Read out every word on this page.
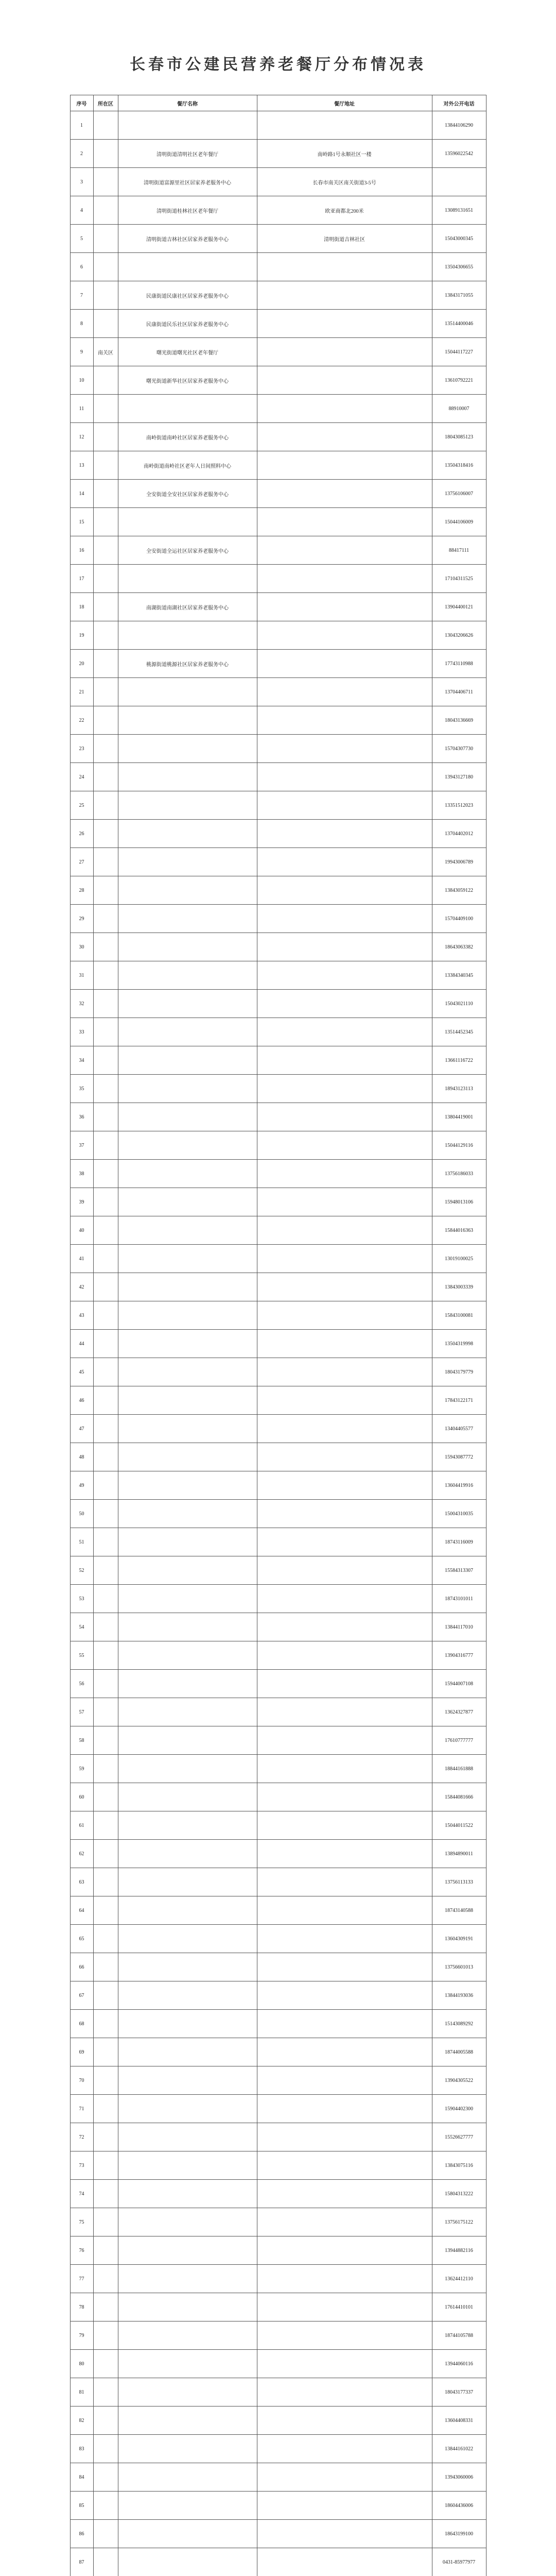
长春市公建民营养老餐厅分布情况表
序号	所在区	餐厅名称	餐厅地址	对外公开电话
1				13844106290
2		清明街道清明社区老年餐厅	南岭路1号永顺社区一楼	13596022542
3		清明街道富源里社区居家养老服务中心	长春市南关区南关街道3-5号	
4		清明街道桂林社区老年餐厅	欧亚商都北200米	13089131651
5		清明街道吉林社区居家养老服务中心	清明街道吉林社区	15043000345
6				13504306655
7		民康街道民康社区居家养老服务中心		13843171055
8		民康街道民乐社区居家养老服务中心		13514400046
9	南关区	曙光街道曙光社区老年餐厅		15044117227
10		曙光街道新华社区居家养老服务中心		13610792221
11				88910007
12		南岭街道南岭社区居家养老服务中心		18043085123
13		南岭街道南岭社区老年人日间照料中心		13504318416
14		全安街道全安社区居家养老服务中心		13756106007
15				15044106009
16		全安街道全运社区居家养老服务中心		88417111
17				17104311525
18		南湖街道南湖社区居家养老服务中心		13904400121
19				13043206626
20		桃源街道桃源社区居家养老服务中心		17743110988
21				13704406711
22				18043136669
23				15704307730
24				13943127180
25				13351512023
26				13704402012
27				19943006789
28				13843059122
29				15704409100
30				18643063382
31				13384340345
32				15043021110
33				13514452345
34				13661116722
35				18943123113
36				13804419001
37				15044129116
38				13756186033
39				15948013106
40				15844016363
41				13019100025
42				13843003339
43				15843100081
44				13504319998
45				18043179779
46				17843122171
47				13404405577
48				15943087772
49				13604419916
50				15004310035
51				18743116009
52				15584313307
53				18743101011
54				13844117010
55				13904316777
56				15944007108
57				13624327877
58				17610777777
59				18844161888
60				15844081666
61				15044011522
62				13894890011
63				13756113133
64				18743140588
65				13604309191
66				13756601013
67				13844193036
68				15143089292
69				18744005588
70				13904305522
71				15904402300
72				15526627777
73				13843075116
74				15804313222
75				13756175122
76				13944882116
77				13624412110
78				17614410101
79				18744105788
80				13944060116
81				18043177337
82				13604408331
83				13844161022
84				13943060006
85				18604436006
86				18643199100
87				0431-85977977
